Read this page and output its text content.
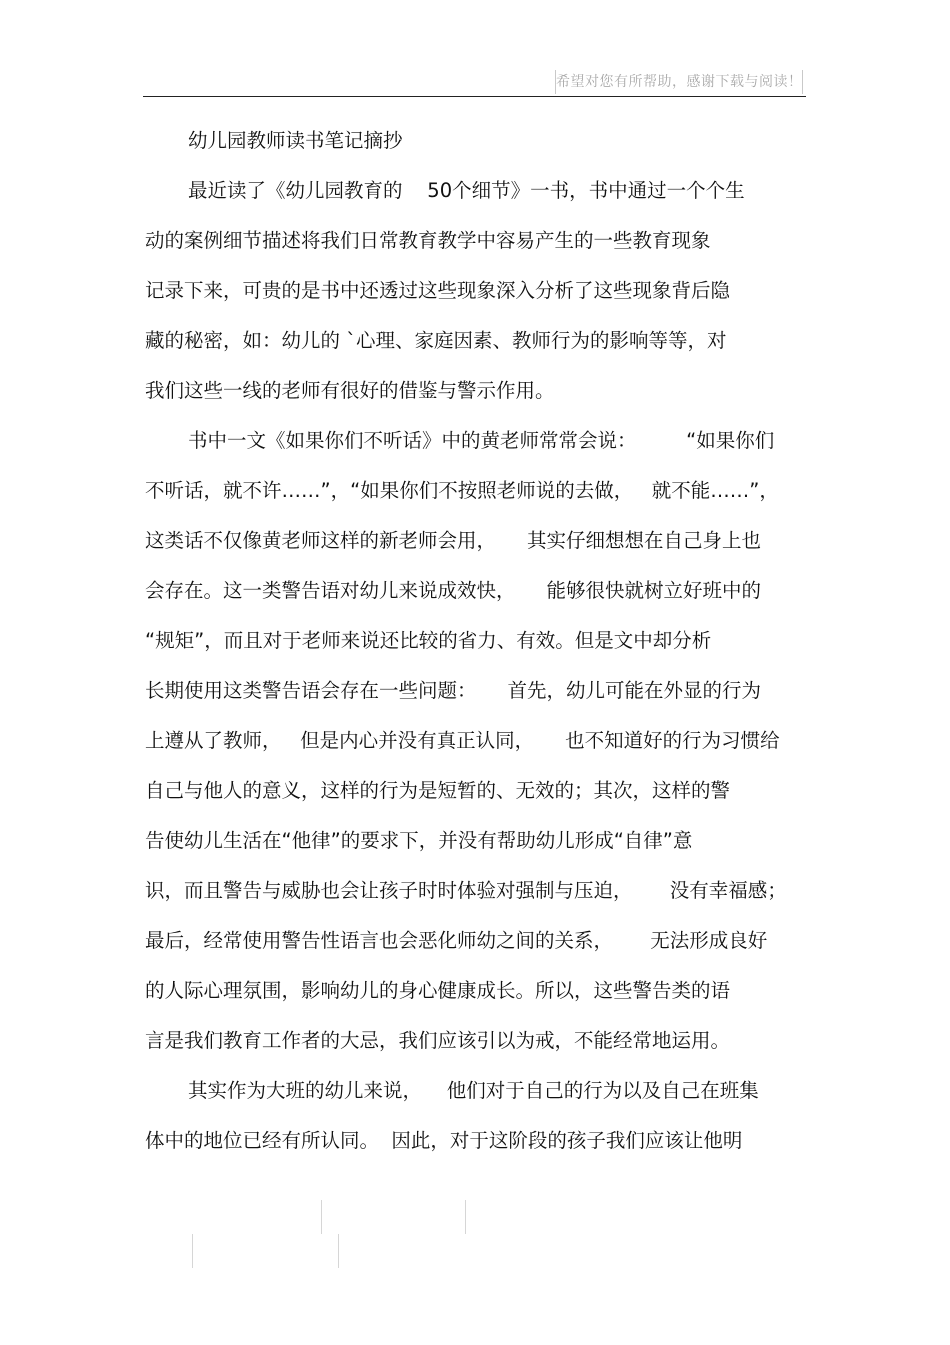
希望对您有所帮助，感谢下载与阅读！
幼儿园教师读书笔记摘抄
最近读了《幼儿园教育的    50个细节》一书，书中通过一个个生
动的案例细节描述将我们日常教育教学中容易产生的一些教育现象
记录下来，可贵的是书中还透过这些现象深入分析了这些现象背后隐
藏的秘密，如：幼儿的 `心理、家庭因素、教师行为的影响等等，对
我们这些一线的老师有很好的借鉴与警示作用。
书中一文《如果你们不听话》中的黄老师常常会说：        “如果你们
不听话，就不许……”，“如果你们不按照老师说的去做，   就不能……”，
这类话不仅像黄老师这样的新老师会用，     其实仔细想想在自己身上也
会存在。这一类警告语对幼儿来说成效快，     能够很快就树立好班中的
“规矩”，而且对于老师来说还比较的省力、有效。但是文中却分析
长期使用这类警告语会存在一些问题：     首先，幼儿可能在外显的行为
上遵从了教师，   但是内心并没有真正认同，     也不知道好的行为习惯给
自己与他人的意义，这样的行为是短暂的、无效的；其次，这样的警
告使幼儿生活在“他律”的要求下，并没有帮助幼儿形成“自律”意
识，而且警告与威胁也会让孩子时时体验对强制与压迫，      没有幸福感；
最后，经常使用警告性语言也会恶化师幼之间的关系，      无法形成良好
的人际心理氛围，影响幼儿的身心健康成长。所以，这些警告类的语
言是我们教育工作者的大忌，我们应该引以为戒，不能经常地运用。
其实作为大班的幼儿来说，    他们对于自己的行为以及自己在班集
体中的地位已经有所认同。  因此，对于这阶段的孩子我们应该让他明
